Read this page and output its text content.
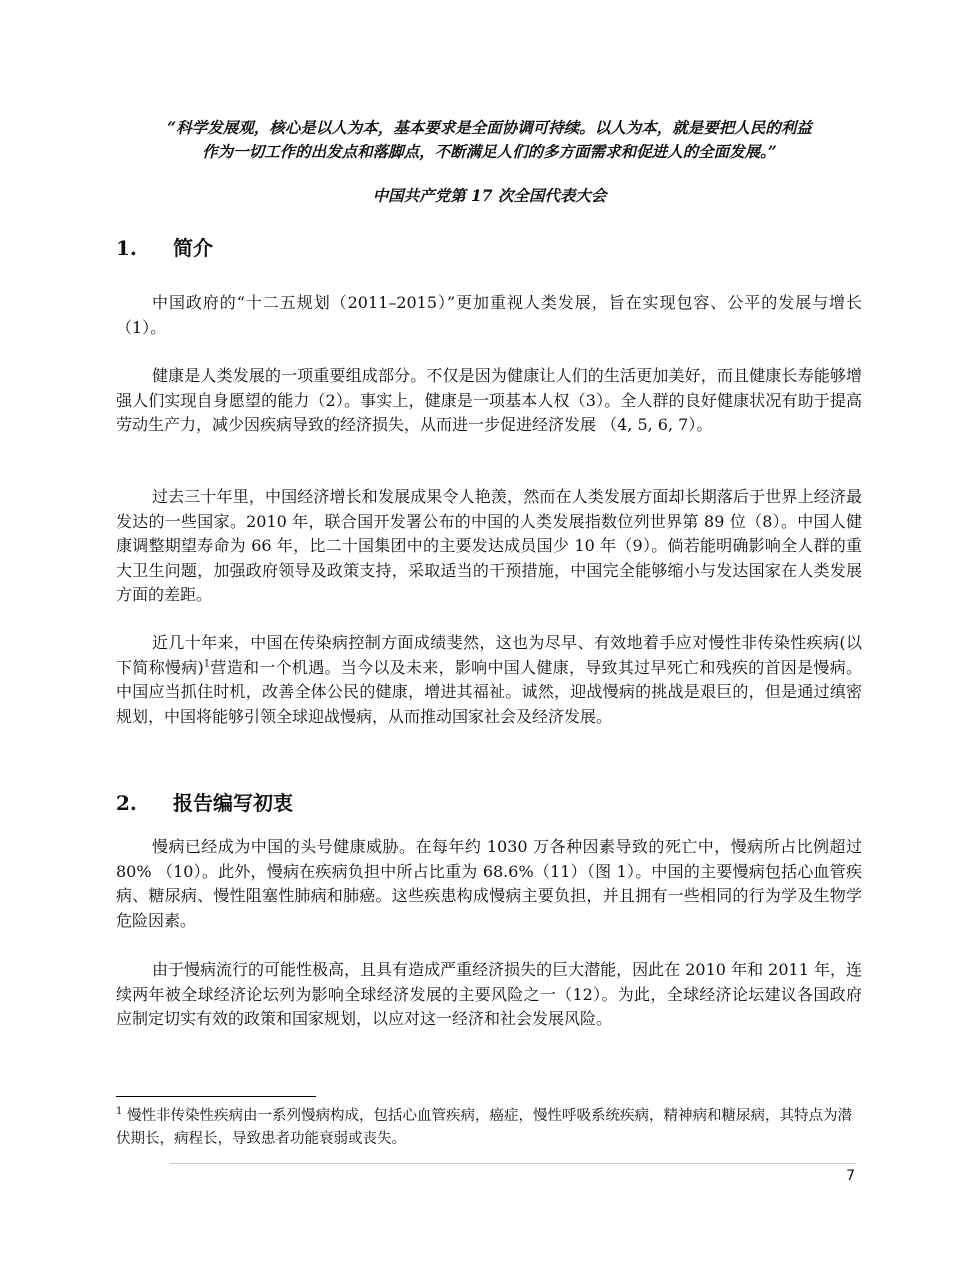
“科学发展观，核心是以人为本，基本要求是全面协调可持续。以人为本，就是要把人民的利益
作为一切工作的出发点和落脚点，不断满足人们的多方面需求和促进人的全面发展。”
中国共产党第 17 次全国代表大会
1. 简介

中国政府的“十二五规划（2011–2015）”更加重视人类发展，旨在实现包容、公平的发展与增长（1）。

健康是人类发展的一项重要组成部分。不仅是因为健康让人们的生活更加美好，而且健康长寿能够增强人们实现自身愿望的能力（2）。事实上，健康是一项基本人权（3）。全人群的良好健康状况有助于提高劳动生产力，减少因疾病导致的经济损失，从而进一步促进经济发展 （4, 5, 6, 7）。

过去三十年里，中国经济增长和发展成果令人艳羡，然而在人类发展方面却长期落后于世界上经济最发达的一些国家。2010 年，联合国开发署公布的中国的人类发展指数位列世界第 89 位（8）。中国人健康调整期望寿命为 66 年，比二十国集团中的主要发达成员国少 10 年（9）。倘若能明确影响全人群的重大卫生问题，加强政府领导及政策支持，采取适当的干预措施，中国完全能够缩小与发达国家在人类发展方面的差距。

近几十年来，中国在传染病控制方面成绩斐然，这也为尽早、有效地着手应对慢性非传染性疾病(以下简称慢病)$^1$营造和一个机遇。当今以及未来，影响中国人健康，导致其过早死亡和残疾的首因是慢病。中国应当抓住时机，改善全体公民的健康，增进其福祉。诚然，迎战慢病的挑战是艰巨的，但是通过缜密规划，中国将能够引领全球迎战慢病，从而推动国家社会及经济发展。

2. 报告编写初衷

慢病已经成为中国的头号健康威胁。在每年约 1030 万各种因素导致的死亡中，慢病所占比例超过 80% （10）。此外，慢病在疾病负担中所占比重为 68.6%（11）（图 1）。中国的主要慢病包括心血管疾病、糖尿病、慢性阻塞性肺病和肺癌。这些疾患构成慢病主要负担，并且拥有一些相同的行为学及生物学危险因素。

由于慢病流行的可能性极高，且具有造成严重经济损失的巨大潜能，因此在 2010 年和 2011 年，连续两年被全球经济论坛列为影响全球经济发展的主要风险之一（12）。为此，全球经济论坛建议各国政府应制定切实有效的政策和国家规划，以应对这一经济和社会发展风险。

$^1$ 慢性非传染性疾病由一系列慢病构成，包括心血管疾病，癌症，慢性呼吸系统疾病，精神病和糖尿病，其特点为潜伏期长，病程长，导致患者功能衰弱或丧失。

7
